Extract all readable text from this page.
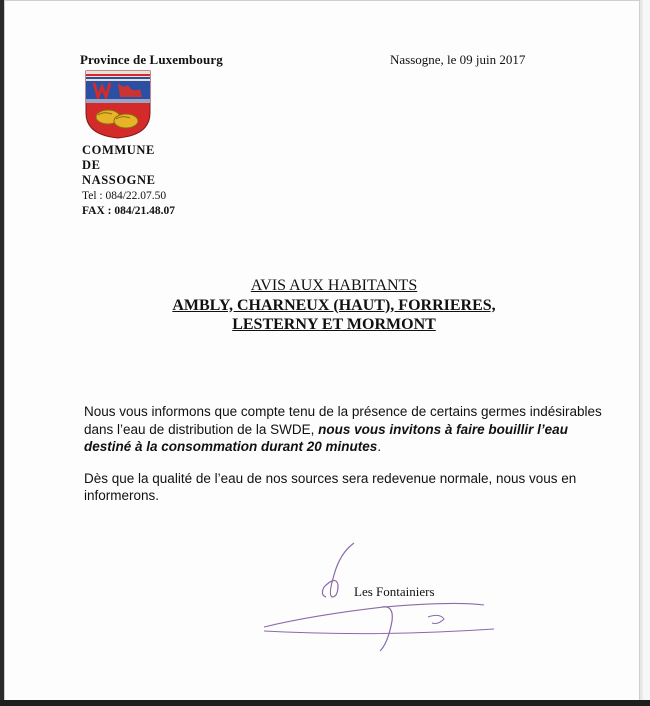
Province de Luxembourg	Nassogne, le 09 juin 2017
COMMUNE
DE
NASSOGNE
Tel : 084/22.07.50
FAX : 084/21.48.07
AVIS AUX HABITANTS
AMBLY, CHARNEUX (HAUT), FORRIERES,
LESTERNY ET MORMONT

Nous vous informons que compte tenu de la présence de certains germes indésirables dans l’eau de distribution de la SWDE, nous vous invitons à faire bouillir l’eau destiné à la consommation durant 20 minutes.

Dès que la qualité de l’eau de nos sources sera redevenue normale, nous vous en informerons.

Les Fontainiers
